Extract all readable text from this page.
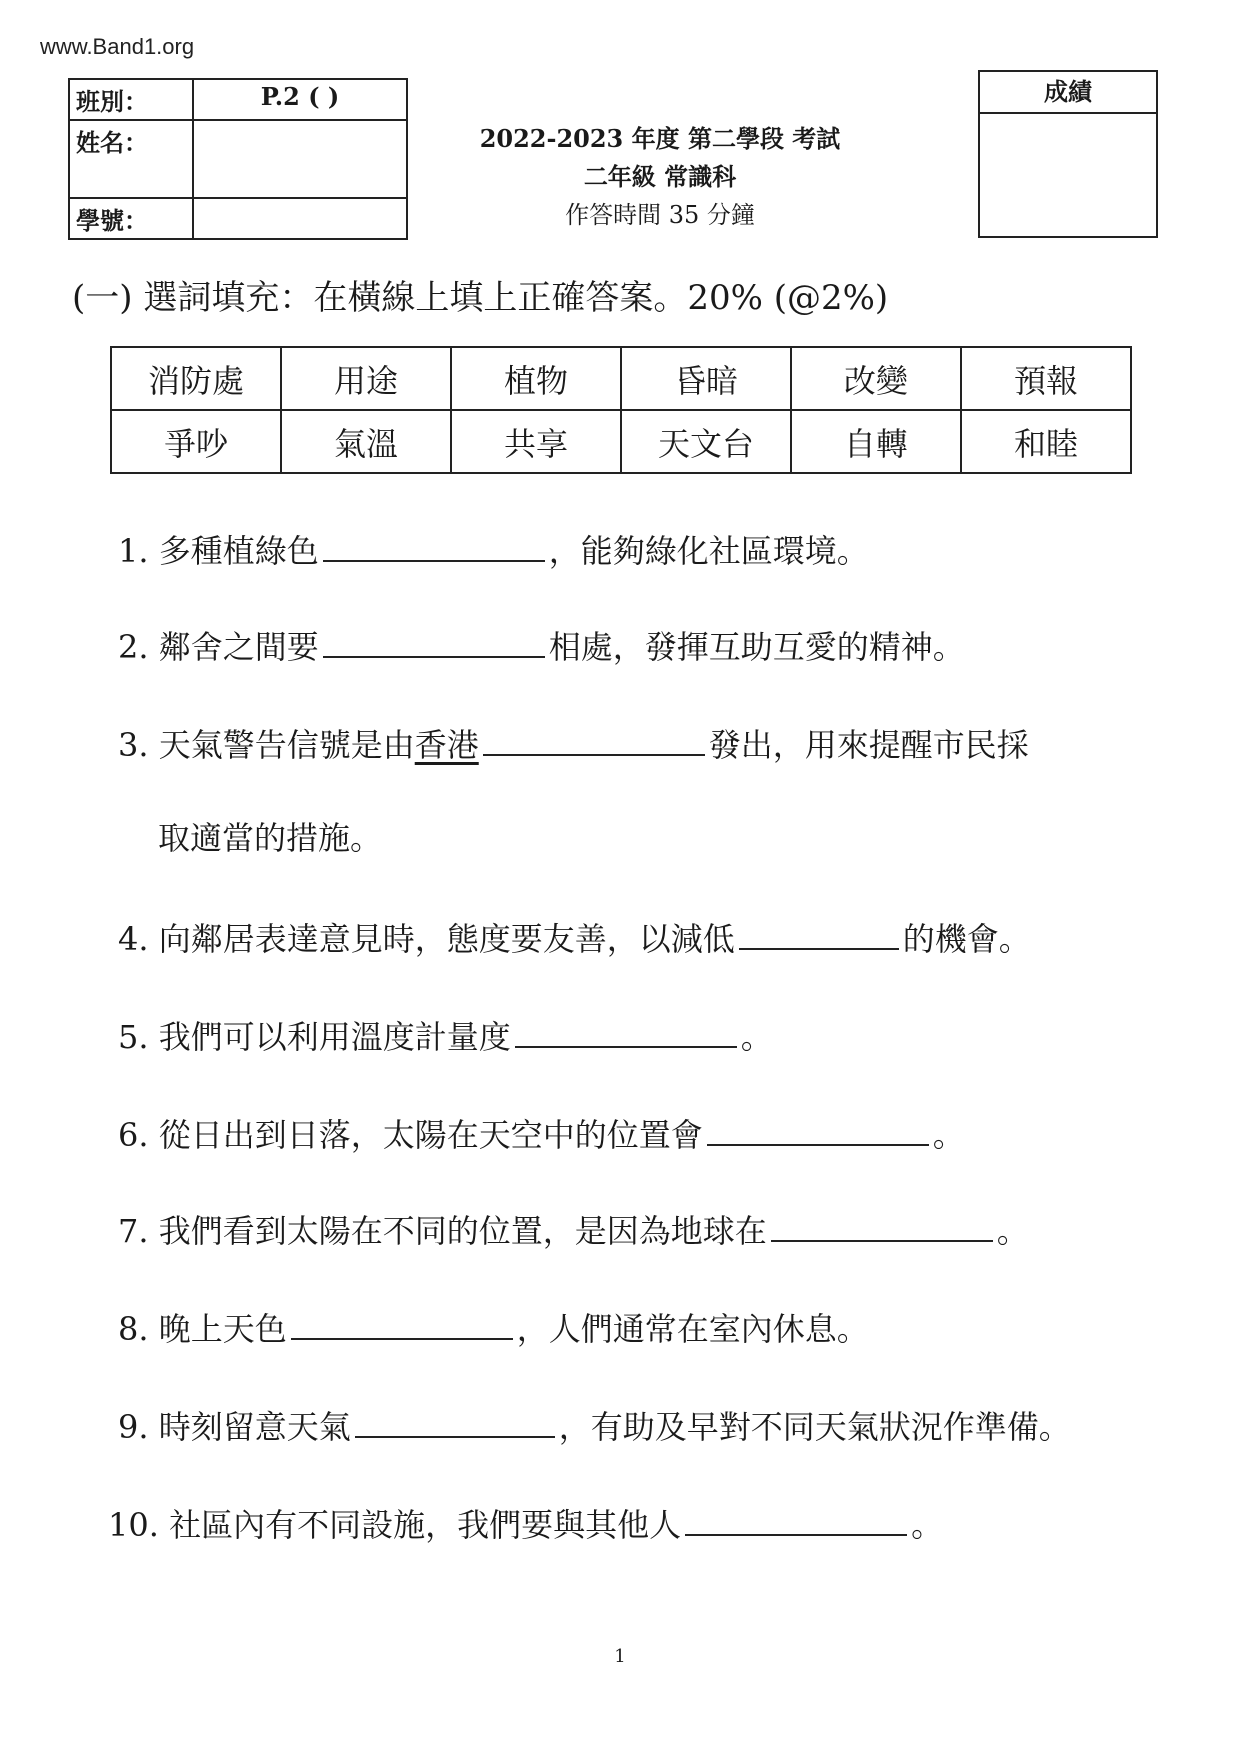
www.Band1.org
班別：	P.2 ( )
姓名：	
學號：	
2022-2023 年度 第二學段 考試
二年級 常識科
作答時間 35 分鐘
成績
(一) 選詞填充：在橫線上填上正確答案。20% (@2%)
消防處	用途	植物	昏暗	改變	預報
爭吵	氣溫	共享	天文台	自轉	和睦
1. 多種植綠色	，能夠綠化社區環境。
2. 鄰舍之間要	相處，發揮互助互愛的精神。
3. 天氣警告信號是由香港	發出，用來提醒市民採
取適當的措施。
4. 向鄰居表達意見時，態度要友善，以減低	的機會。
5. 我們可以利用溫度計量度	。
6. 從日出到日落，太陽在天空中的位置會	。
7. 我們看到太陽在不同的位置，是因為地球在	。
8. 晚上天色	，人們通常在室內休息。
9. 時刻留意天氣	，有助及早對不同天氣狀況作準備。
10. 社區內有不同設施，我們要與其他人	。
1
